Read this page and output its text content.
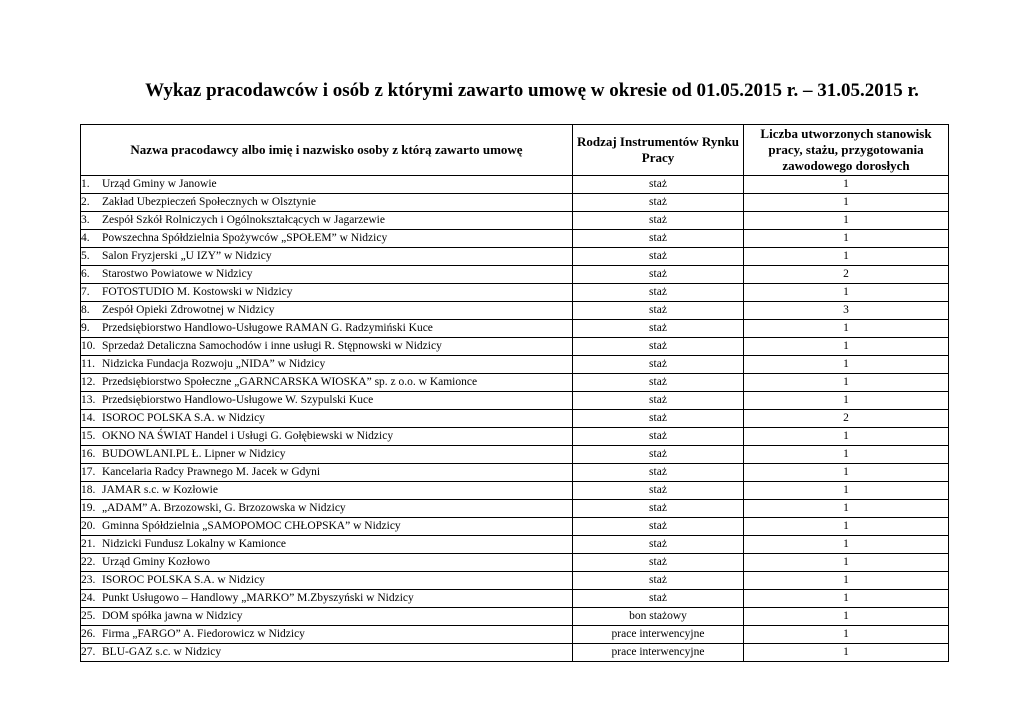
Wykaz pracodawców i osób z którymi zawarto umowę w okresie od 01.05.2015 r. – 31.05.2015 r.
Nazwa pracodawcy albo imię i nazwisko osoby z którą zawarto umowę	Rodzaj Instrumentów Rynku Pracy	Liczba utworzonych stanowisk pracy, stażu, przygotowania zawodowego dorosłych
1. Urząd Gminy w Janowie	staż	1
2. Zakład Ubezpieczeń Społecznych w Olsztynie	staż	1
3. Zespół Szkół Rolniczych i Ogólnokształcących w Jagarzewie	staż	1
4. Powszechna Spółdzielnia Spożywców „SPOŁEM” w Nidzicy	staż	1
5. Salon Fryzjerski „U IZY” w Nidzicy	staż	1
6. Starostwo Powiatowe w Nidzicy	staż	2
7. FOTOSTUDIO M. Kostowski w Nidzicy	staż	1
8. Zespół Opieki Zdrowotnej w Nidzicy	staż	3
9. Przedsiębiorstwo Handlowo-Usługowe RAMAN G. Radzymiński Kuce	staż	1
10. Sprzedaż Detaliczna Samochodów i inne usługi R. Stępnowski w Nidzicy	staż	1
11. Nidzicka Fundacja Rozwoju „NIDA” w Nidzicy	staż	1
12. Przedsiębiorstwo Społeczne „GARNCARSKA WIOSKA” sp. z o.o. w Kamionce	staż	1
13. Przedsiębiorstwo Handlowo-Usługowe W. Szypulski Kuce	staż	1
14. ISOROC POLSKA S.A. w Nidzicy	staż	2
15. OKNO NA ŚWIAT Handel i Usługi G. Gołębiewski w Nidzicy	staż	1
16. BUDOWLANI.PL Ł. Lipner w Nidzicy	staż	1
17. Kancelaria Radcy Prawnego M. Jacek w Gdyni	staż	1
18. JAMAR s.c. w Kozłowie	staż	1
19. „ADAM” A. Brzozowski, G. Brzozowska w Nidzicy	staż	1
20. Gminna Spółdzielnia „SAMOPOMOC CHŁOPSKA” w Nidzicy	staż	1
21. Nidzicki Fundusz Lokalny w Kamionce	staż	1
22. Urząd Gminy Kozłowo	staż	1
23. ISOROC POLSKA S.A. w Nidzicy	staż	1
24. Punkt Usługowo – Handlowy „MARKO” M.Zbyszyński w Nidzicy	staż	1
25. DOM spółka jawna w Nidzicy	bon stażowy	1
26. Firma „FARGO” A. Fiedorowicz w Nidzicy	prace interwencyjne	1
27. BLU-GAZ s.c. w Nidzicy	prace interwencyjne	1
